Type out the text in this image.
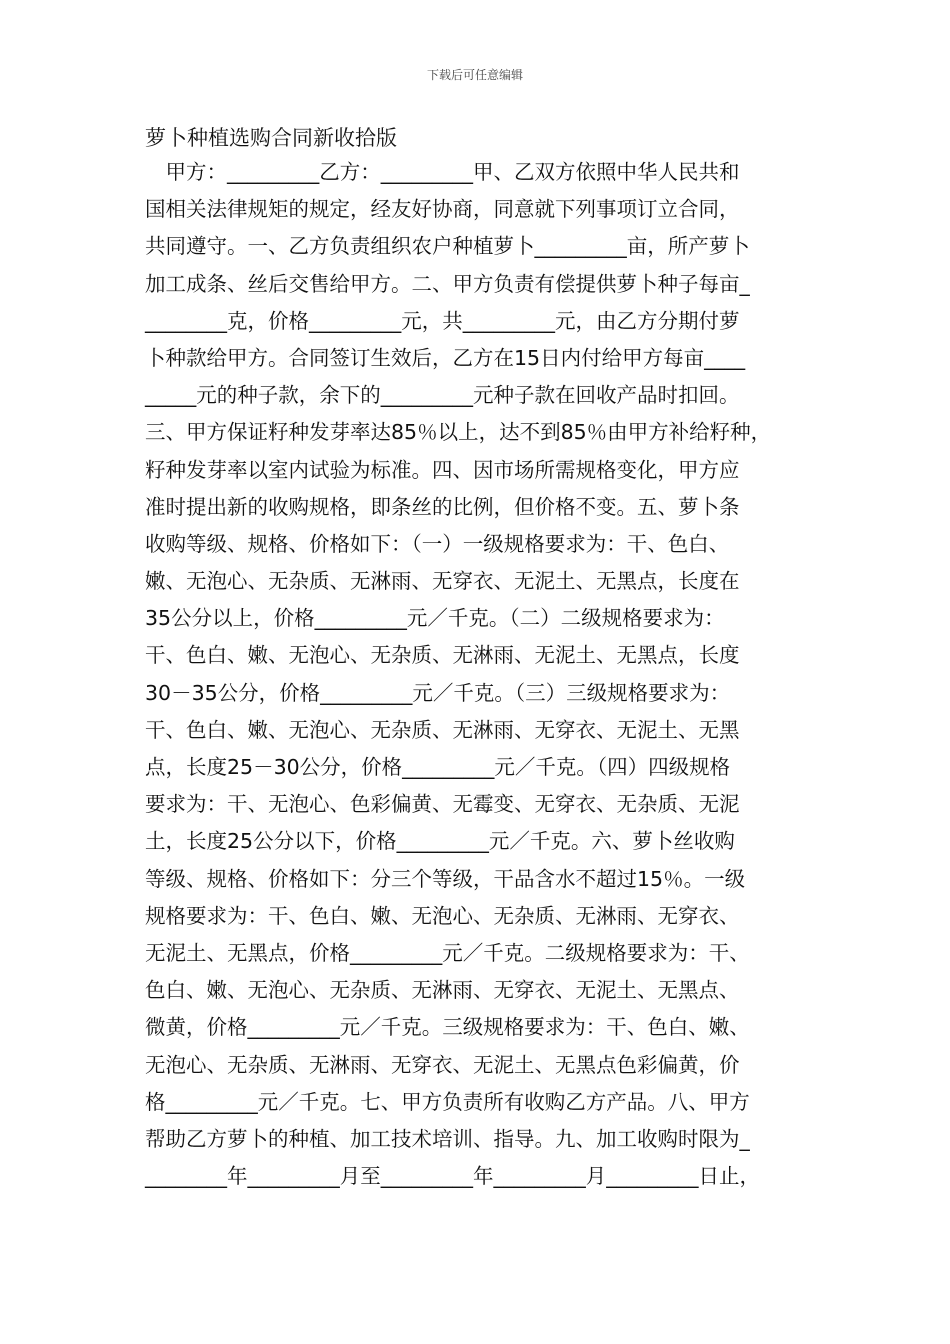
下载后可任意编辑
萝卜种植选购合同新收拾版
　甲方：_________乙方：_________甲、乙双方依照中华人民共和
国相关法律规矩的规定，经友好协商，同意就下列事项订立合同，
共同遵守。一、乙方负责组织农户种植萝卜_________亩，所产萝卜
加工成条、丝后交售给甲方。二、甲方负责有偿提供萝卜种子每亩_
________克，价格_________元，共_________元，由乙方分期付萝
卜种款给甲方。合同签订生效后，乙方在15日内付给甲方每亩____
_____元的种子款，余下的_________元种子款在回收产品时扣回。
三、甲方保证籽种发芽率达85％以上，达不到85％由甲方补给籽种，
籽种发芽率以室内试验为标准。四、因市场所需规格变化，甲方应
准时提出新的收购规格，即条丝的比例，但价格不变。五、萝卜条
收购等级、规格、价格如下：（一）一级规格要求为：干、色白、
嫩、无泡心、无杂质、无淋雨、无穿衣、无泥土、无黑点，长度在
35公分以上，价格_________元／千克。（二）二级规格要求为：
干、色白、嫩、无泡心、无杂质、无淋雨、无泥土、无黑点，长度
30－35公分，价格_________元／千克。（三）三级规格要求为：
干、色白、嫩、无泡心、无杂质、无淋雨、无穿衣、无泥土、无黑
点，长度25－30公分，价格_________元／千克。（四）四级规格
要求为：干、无泡心、色彩偏黄、无霉变、无穿衣、无杂质、无泥
土，长度25公分以下，价格_________元／千克。六、萝卜丝收购
等级、规格、价格如下：分三个等级，干品含水不超过15％。一级
规格要求为：干、色白、嫩、无泡心、无杂质、无淋雨、无穿衣、
无泥土、无黑点，价格_________元／千克。二级规格要求为：干、
色白、嫩、无泡心、无杂质、无淋雨、无穿衣、无泥土、无黑点、
微黄，价格_________元／千克。三级规格要求为：干、色白、嫩、
无泡心、无杂质、无淋雨、无穿衣、无泥土、无黑点色彩偏黄，价
格_________元／千克。七、甲方负责所有收购乙方产品。八、甲方
帮助乙方萝卜的种植、加工技术培训、指导。九、加工收购时限为_
________年_________月至_________年_________月_________日止，
